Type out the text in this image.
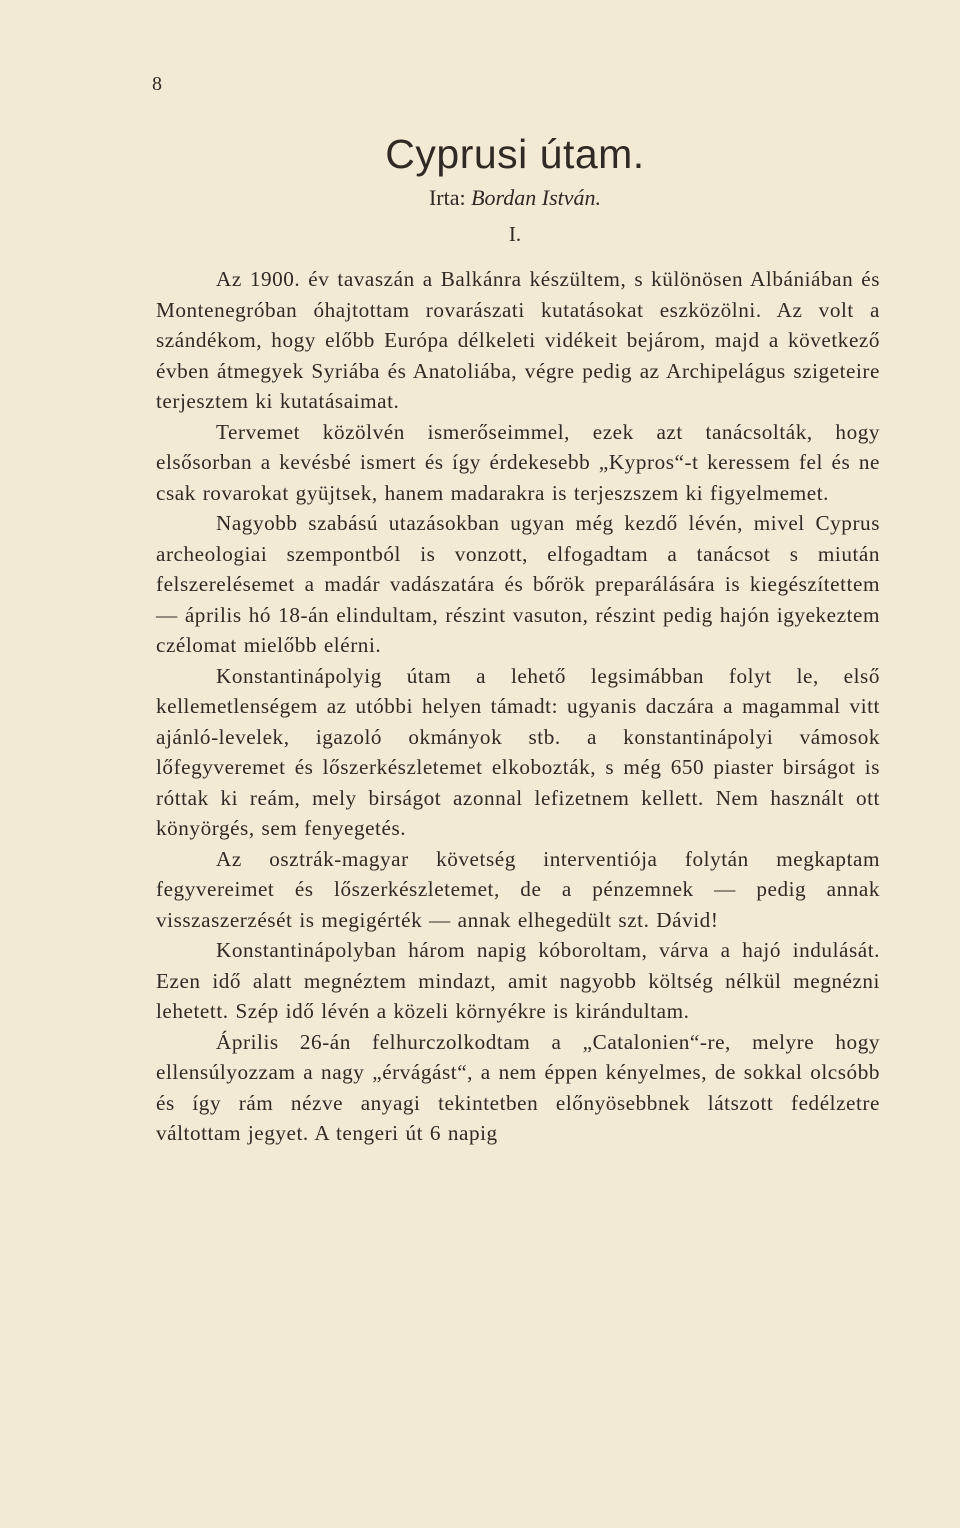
8
Cyprusi útam.
Irta: Bordan István.
I.

Az 1900. év tavaszán a Balkánra készültem, s különösen Albániában és Montenegróban óhajtottam rovarászati kutatásokat eszközölni. Az volt a szándékom, hogy előbb Európa délkeleti vidékeit bejárom, majd a következő évben átmegyek Syriába és Anatoliába, végre pedig az Archipelágus szigeteire terjesztem ki kutatásaimat.

Tervemet közölvén ismerőseimmel, ezek azt tanácsolták, hogy elsősorban a kevésbé ismert és így érdekesebb „Kypros“-t keressem fel és ne csak rovarokat gyüjtsek, hanem madarakra is terjeszszem ki figyelmemet.

Nagyobb szabású utazásokban ugyan még kezdő lévén, mivel Cyprus archeologiai szempontból is vonzott, elfogadtam a tanácsot s miután felszerelésemet a madár vadászatára és bőrök preparálására is kiegészítettem — április hó 18-án elindultam, részint vasuton, részint pedig hajón igyekeztem czélomat mielőbb elérni.

Konstantinápolyig útam a lehető legsimábban folyt le, első kellemetlenségem az utóbbi helyen támadt: ugyanis daczára a magammal vitt ajánló-levelek, igazoló okmányok stb. a konstantinápolyi vámosok lőfegyveremet és lőszerkészletemet elkobozták, s még 650 piaster birságot is róttak ki reám, mely birságot azonnal lefizetnem kellett. Nem használt ott könyörgés, sem fenyegetés.

Az osztrák-magyar követség interventiója folytán megkaptam fegyvereimet és lőszerkészletemet, de a pénzemnek — pedig annak visszaszerzését is megigérték — annak elhegedült szt. Dávid!

Konstantinápolyban három napig kóboroltam, várva a hajó indulását. Ezen idő alatt megnéztem mindazt, amit nagyobb költség nélkül megnézni lehetett. Szép idő lévén a közeli környékre is kirándultam.

Április 26-án felhurczolkodtam a „Catalonien“-re, melyre hogy ellensúlyozzam a nagy „érvágást“, a nem éppen kényelmes, de sokkal olcsóbb és így rám nézve anyagi tekintetben előnyösebbnek látszott fedélzetre váltottam jegyet. A tengeri út 6 napig
